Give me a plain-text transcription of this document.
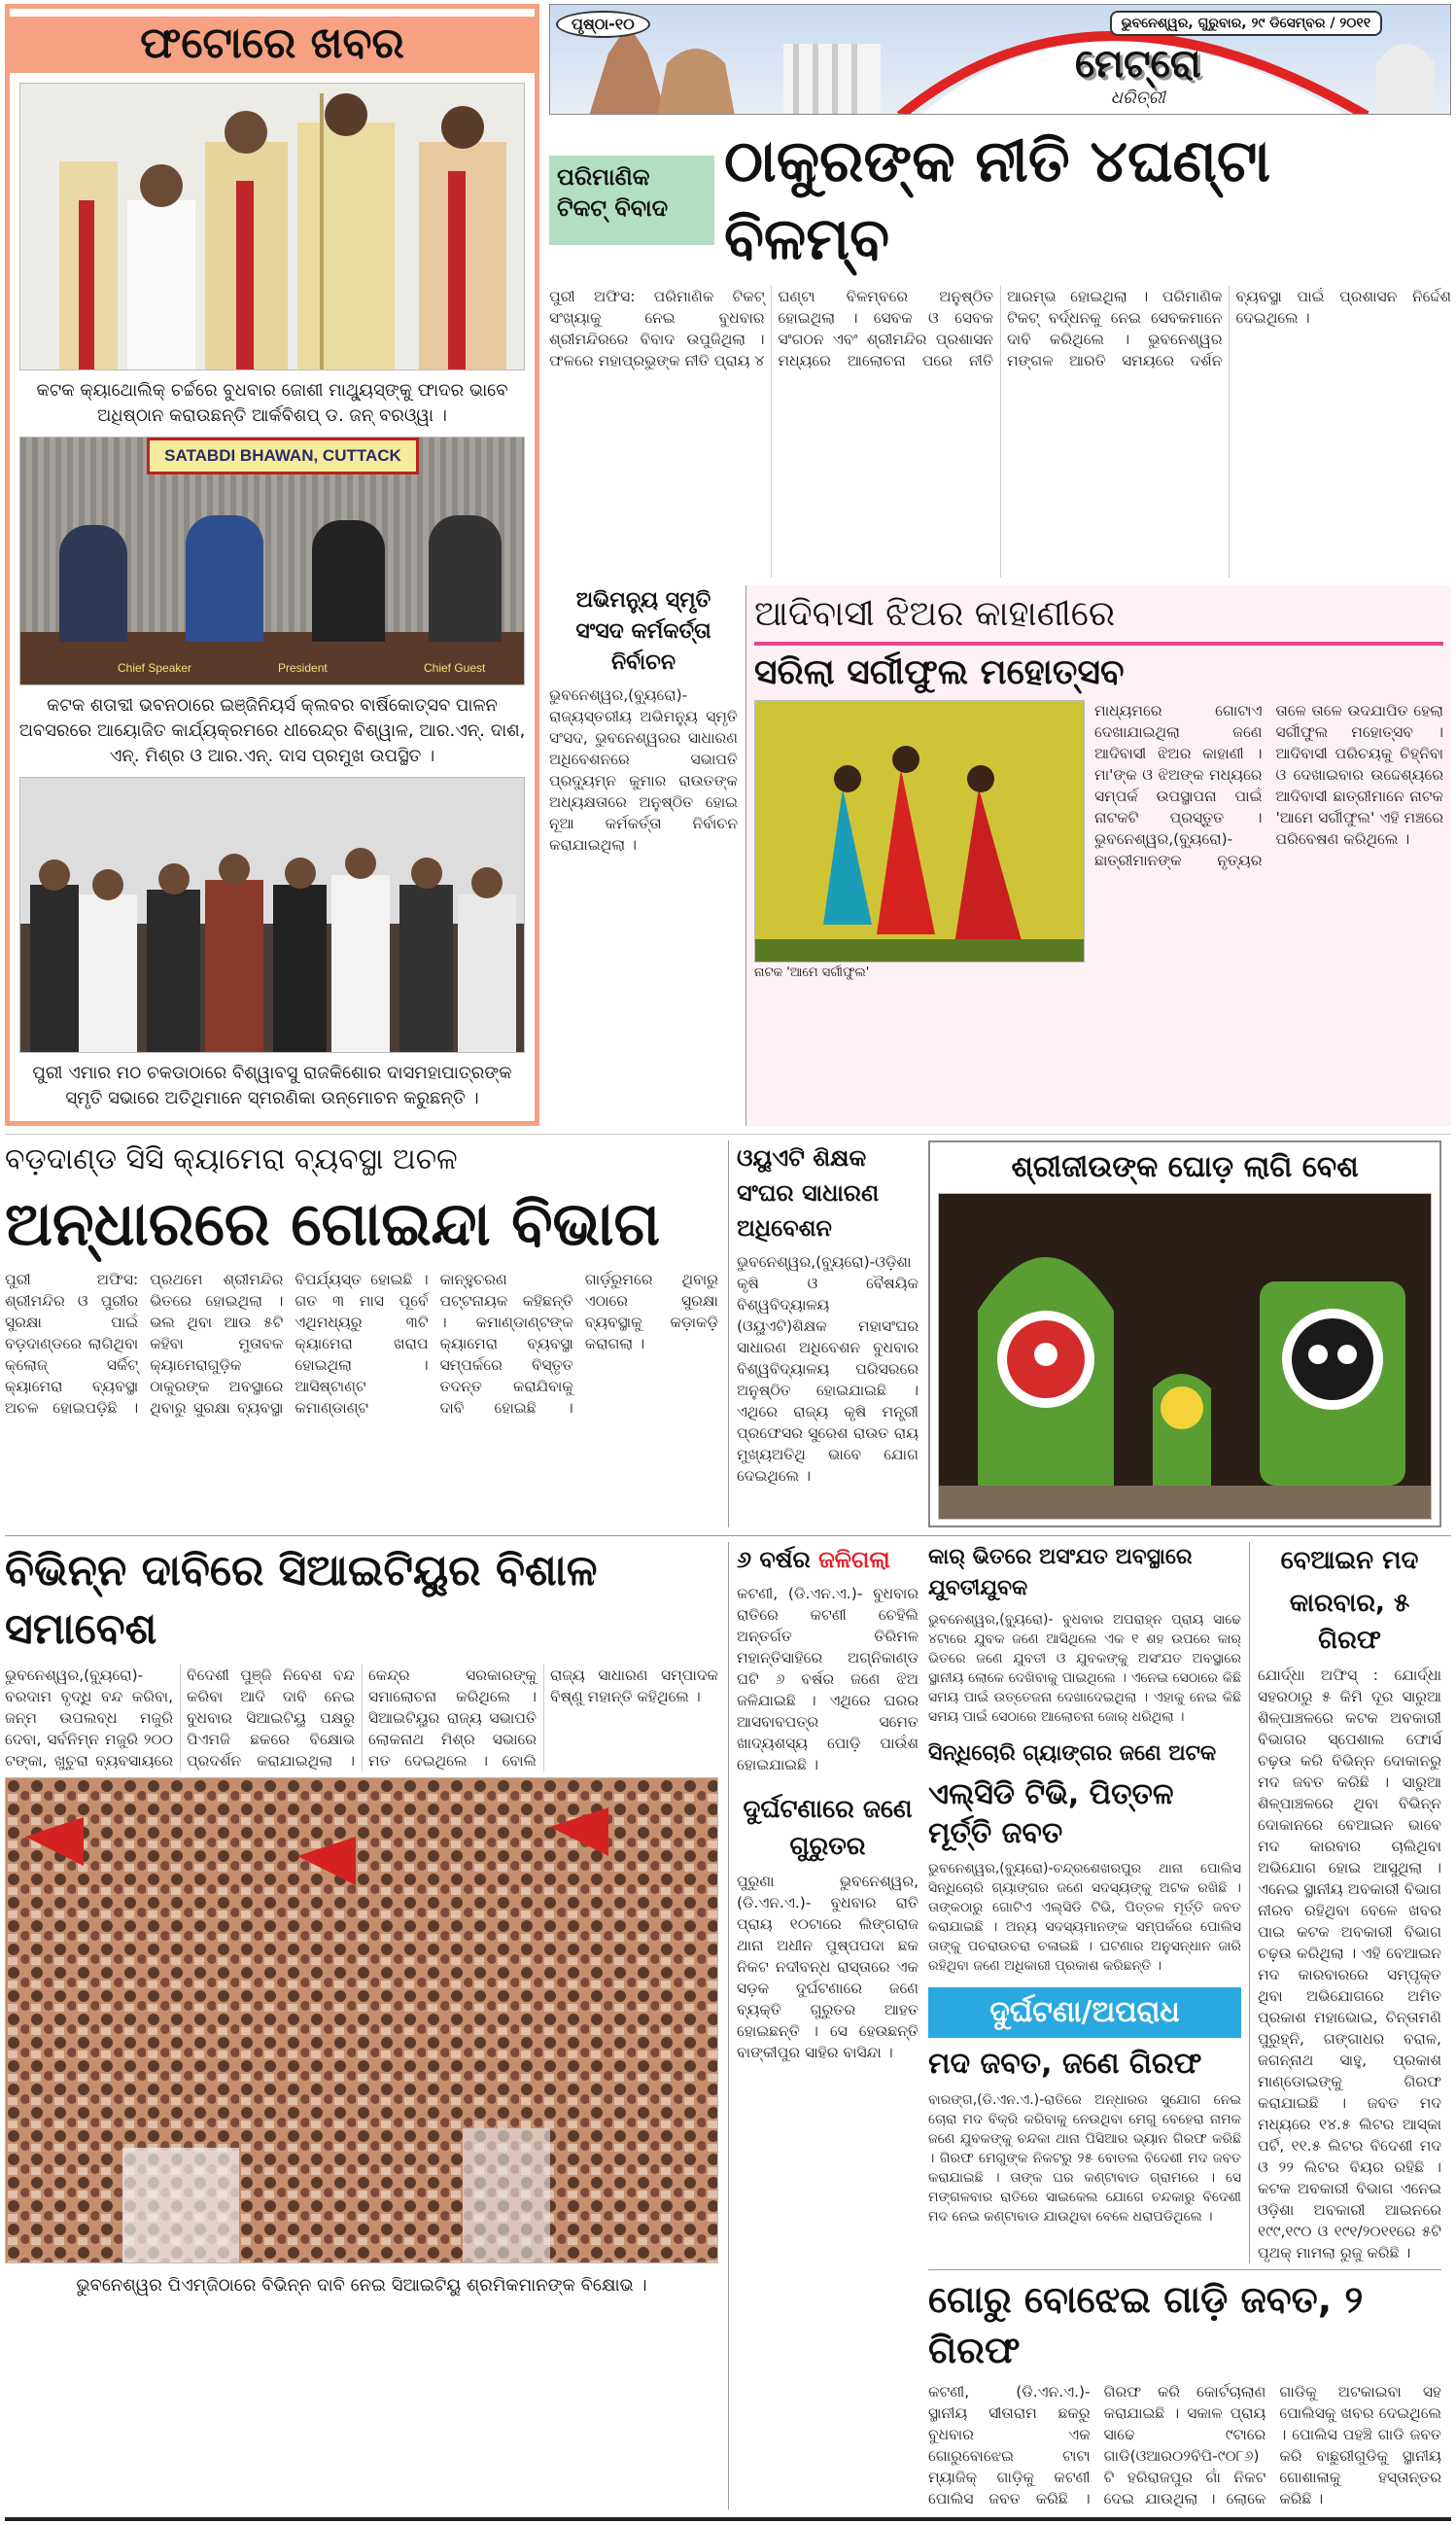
ଫଟୋରେ ଖବର
କଟକ କ୍ୟାଥୋଲିକ୍ ଚର୍ଚ୍ଚରେ ବୁଧବାର ଜୋଶୀ ମାଥ୍ୟୁସ୍‌ଙ୍କୁ ଫାଦର ଭାବେ ଅଧିଷ୍ଠାନ କରାଉଛନ୍ତି ଆର୍କବିଶପ୍ ଡ. ଜନ୍ ବରଓ୍ୱା ।
SATABDI BHAWAN, CUTTACK
Chief Speaker	President	Chief Guest
କଟକ ଶତାବ୍ଦୀ ଭବନଠାରେ ଇଞ୍ଜିନିୟର୍ସ କ୍ଲବର ବାର୍ଷିକୋତ୍ସବ ପାଳନ ଅବସରରେ ଆୟୋଜିତ କାର୍ଯ୍ୟକ୍ରମରେ ଧୀରେନ୍ଦ୍ର ବିଶ୍ୱାଳ, ଆର.ଏନ୍. ଦାଶ, ଏନ୍. ମିଶ୍ର ଓ ଆର.ଏନ୍. ଦାସ ପ୍ରମୁଖ ଉପସ୍ଥିତ ।
ପୁରୀ ଏମାର ମଠ ଚକଡାଠାରେ ବିଶ୍ୱାବସୁ ରାଜକିଶୋର ଦାସମହାପାତ୍ରଙ୍କ ସ୍ମୃତି ସଭାରେ ଅତିଥିମାନେ ସ୍ମରଣିକା ଉନ୍ମୋଚନ କରୁଛନ୍ତି ।
ପୃଷ୍ଠା-୧୦	ଭୁବନେଶ୍ୱର, ଗୁରୁବାର, ୨୯ ଡିସେମ୍ବର / ୨୦୧୧
ମେଟ୍ରୋ
ଧରିତ୍ରୀ
ପରିମାଣିକ ଟିକଟ୍ ବିବାଦ
ଠାକୁରଙ୍କ ନୀତି ୪ଘଣ୍ଟା ବିଳମ୍ବ
ପୁରୀ ଅଫିସ: ପରିମାଣିକ ଟିକଟ୍ ସଂଖ୍ୟାକୁ ନେଇ ବୁଧବାର ଶ୍ରୀମନ୍ଦିରରେ ବିବାଦ ଉପୁଜିଥିଲା । ଫଳରେ ମହାପ୍ରଭୁଙ୍କ ନୀତି ପ୍ରାୟ ୪ ଘଣ୍ଟା ବିଳମ୍ବରେ ଅନୁଷ୍ଠିତ ହୋଇଥିଲା । ସେବକ ଓ ସେବକ ସଂଗଠନ ଏବଂ ଶ୍ରୀମନ୍ଦିର ପ୍ରଶାସନ ମଧ୍ୟରେ ଆଲୋଚନା ପରେ ନୀତି ଆରମ୍ଭ ହୋଇଥିଲା । ପରିମାଣିକ ଟିକଟ୍ ବର୍ଦ୍ଧନକୁ ନେଇ ସେବକମାନେ ଦାବି କରିଥିଲେ । ଭୁବନେଶ୍ୱର ମଙ୍ଗଳ ଆରତି ସମୟରେ ଦର୍ଶନ ବ୍ୟବସ୍ଥା ପାଇଁ ପ୍ରଶାସନ ନିର୍ଦ୍ଦେଶ ଦେଇଥିଲେ ।
ଅଭିମନ୍ୟୁ ସ୍ମୃତି ସଂସଦ କର୍ମକର୍ତ୍ତା ନିର୍ବାଚନ
ଭୁବନେଶ୍ୱର,(ବ୍ୟୁରୋ)-ରାଜ୍ୟସ୍ତରୀୟ ଅଭିମନ୍ୟୁ ସ୍ମୃତି ସଂସଦ, ଭୁବନେଶ୍ୱରର ସାଧାରଣ ଅଧିବେଶନରେ ସଭାପତି ପ୍ରଦ୍ୟୁମ୍ନ କୁମାର ରାଉତଙ୍କ ଅଧ୍ୟକ୍ଷତାରେ ଅନୁଷ୍ଠିତ ହୋଇ ନୂଆ କର୍ମକର୍ତ୍ତା ନିର୍ବାଚନ କରାଯାଇଥିଲା ।
ଆଦିବାସୀ ଝିଅର କାହାଣୀରେ
ସରିଲା ସର୍ଗୀଫୁଲ ମହୋତ୍ସବ
ନାଟକ 'ଆମେ ସର୍ଗୀଫୁଲ'
ମାଧ୍ୟମରେ ଗୋଟାଏ ଦେଖାଯାଇଥିଲା ଜଣେ ଆଦିବାସୀ ଝିଅର କାହାଣୀ । ମା'ଙ୍କ ଓ ଝିଅଙ୍କ ମଧ୍ୟରେ ସମ୍ପର୍କ ଉପସ୍ଥାପନା ପାଇଁ ନାଟକଟି ପ୍ରସ୍ତୁତ । ଭୁବନେଶ୍ୱର,(ବ୍ୟୁରୋ)-ଛାତ୍ରୀମାନଙ୍କ ନୃତ୍ୟର ତାଳେ ତାଳେ ଉଦଯାପିତ ହେଲା ସର୍ଗୀଫୁଲ ମହୋତ୍ସବ । ଆଦିବାସୀ ପରିଚୟକୁ ଚିହ୍ନିବା ଓ ଦେଖାଇବାର ଉଦ୍ଦେଶ୍ୟରେ ଆଦିବାସୀ ଛାତ୍ରୀମାନେ ନାଟକ 'ଆମେ ସର୍ଗୀଫୁଲ' ଏହି ମଞ୍ଚରେ ପରିବେଷଣ କରିଥିଲେ ।
ବଡ଼ଦାଣ୍ଡ ସିସି କ୍ୟାମେରା ବ୍ୟବସ୍ଥା ଅଚଳ
ଅନ୍ଧାରରେ ଗୋଇନ୍ଦା ବିଭାଗ
ପୁରୀ ଅଫିସ: ଶ୍ରୀମନ୍ଦିର ଓ ପୁରୀର ସୁରକ୍ଷା ପାଇଁ ବଡ଼ଦାଣ୍ଡରେ ଲାଗିଥିବା କ୍ଲୋଜ୍ ସର୍କିଟ୍ କ୍ୟାମେରା ବ୍ୟବସ୍ଥା ଅଚଳ ହୋଇପଡ଼ିଛି । ପ୍ରଥମେ ଶ୍ରୀମନ୍ଦିର ଭିତରେ ହୋଇଥିଲା । ଭଲ ଥିବା ଆଉ ୫ଟି କହିବା ମୁତାବକ କ୍ୟାମେରାଗୁଡ଼ିକ ଠାକୁରଙ୍କ ଅବସ୍ଥାରେ ଥିବାରୁ ସୁରକ୍ଷା ବ୍ୟବସ୍ଥା ବିପର୍ଯ୍ୟସ୍ତ ହୋଇଛି । ଗତ ୩ ମାସ ପୂର୍ବେ ଏଥିମଧ୍ୟରୁ ୩ଟି କ୍ୟାମେରା ଖରାପ ହୋଇଥିଲା । ଆସିଷ୍ଟାଣ୍ଟ କମାଣ୍ଡାଣ୍ଟ କାନ୍ହୁଚରଣ ପଟ୍ଟନାୟକ କହିଛନ୍ତି । କମାଣ୍ଡାଣ୍ଟଙ୍କ କ୍ୟାମେରା ବ୍ୟବସ୍ଥା ସମ୍ପର୍କରେ ବିସ୍ତୃତ ତଦନ୍ତ କରାଯିବାକୁ ଦାବି ହୋଇଛି । ଗାର୍ଡ଼ରୁମରେ ଥିବାରୁ ଏଠାରେ ସୁରକ୍ଷା ବ୍ୟବସ୍ଥାକୁ କଡ଼ାକଡ଼ି କରାଗଲା ।
ଓୟୁଏଟି ଶିକ୍ଷକ ସଂଘର ସାଧାରଣ ଅଧିବେଶନ
ଭୁବନେଶ୍ୱର,(ବ୍ୟୁରୋ)-ଓଡ଼ିଶା କୃଷି ଓ ବୈଷୟିକ ବିଶ୍ୱବିଦ୍ୟାଳୟ (ଓୟୁଏଟି)ଶିକ୍ଷକ ମହାସଂଘର ସାଧାରଣ ଅଧିବେଶନ ବୁଧବାର ବିଶ୍ୱବିଦ୍ୟାଳୟ ପରିସରରେ ଅନୁଷ୍ଠିତ ହୋଇଯାଇଛି । ଏଥିରେ ରାଜ୍ୟ କୃଷି ମନ୍ତ୍ରୀ ପ୍ରଫେସର ସୁରେଶ ରାଉତ ରାୟ ମୁଖ୍ୟଅତିଥି ଭାବେ ଯୋଗ ଦେଇଥିଲେ ।
ଶ୍ରୀଜୀଉଙ୍କ ଘୋଡ଼ ଲାଗି ବେଶ
ବିଭିନ୍ନ ଦାବିରେ ସିଆଇଟିୟୁର ବିଶାଳ ସମାବେଶ
ଭୁବନେଶ୍ୱର,(ବ୍ୟୁରୋ)- ବରଦାମ ବୃଦ୍ଧି ବନ୍ଦ କରିବା, ଜନ୍ମ ଉପଲବ୍ଧ ମଜୁରି ଦେବା, ସର୍ବନିମ୍ନ ମଜୁରି ୨୦୦ ଟଙ୍କା, ଖୁଚୁରା ବ୍ୟବସାୟରେ ବିଦେଶୀ ପୁଞ୍ଜି ନିବେଶ ବନ୍ଦ କରିବା ଆଦି ଦାବି ନେଇ ବୁଧବାର ସିଆଇଟିୟୁ ପକ୍ଷରୁ ପିଏମଜି ଛକରେ ବିକ୍ଷୋଭ ପ୍ରଦର୍ଶନ କରାଯାଇଥିଲା । କେନ୍ଦ୍ର ସରକାରଙ୍କୁ ସମାଲୋଚନା କରିଥିଲେ । ସିଆଇଟିୟୁର ରାଜ୍ୟ ସଭାପତି ଲୋକନାଥ ମିଶ୍ର ସଭାରେ ମତ ଦେଇଥିଲେ । ବୋଲି ରାଜ୍ୟ ସାଧାରଣ ସମ୍ପାଦକ ବିଷ୍ଣୁ ମହାନ୍ତି କହିଥିଲେ ।
ଭୁବନେଶ୍ୱର ପିଏମ୍‌ଜିଠାରେ ବିଭିନ୍ନ ଦାବି ନେଇ ସିଆଇଟିୟୁ ଶ୍ରମିକମାନଙ୍କ ବିକ୍ଷୋଭ ।
୬ ବର୍ଷର ଜଳିଗଲା
କଟଣୀ, (ଡି.ଏନ.ଏ.)- ବୁଧବାର ରାତିରେ କଟଣୀ ଚେହିଲି ଅନ୍ତର୍ଗତ ତିରିମଳ ମହାନ୍ତିସାହିରେ ଅଗ୍ନିକାଣ୍ଡ ଘଟି ୬ ବର୍ଷର ଜଣେ ଝିଅ ଜଳିଯାଇଛି । ଏଥିରେ ଘରର ଆସବାବପତ୍ର ସମେତ ଖାଦ୍ୟଶସ୍ୟ ପୋଡ଼ି ପାଉଁଶ ହୋଇଯାଇଛି ।
ଦୁର୍ଘଟଣାରେ ଜଣେ ଗୁରୁତର
ପୁରୁଣା ଭୁବନେଶ୍ୱର, (ଡି.ଏନ.ଏ.)- ବୁଧବାର ରାତି ପ୍ରାୟ ୧୦ଟାରେ ଲିଙ୍ଗରାଜ ଥାନା ଅଧୀନ ପୁଷ୍ପପଦା ଛକ ନିକଟ ନଦୀବନ୍ଧ ରାସ୍ତାରେ ଏକ ସଡ଼କ ଦୁର୍ଘଟଣାରେ ଜଣେ ବ୍ୟକ୍ତି ଗୁରୁତର ଆହତ ହୋଇଛନ୍ତି । ସେ ହେଉଛନ୍ତି ବାଙ୍କୀପୁର ସାହିର ବାସିନ୍ଦା ।
କାର୍ ଭିତରେ ଅସଂଯତ ଅବସ୍ଥାରେ ଯୁବତୀଯୁବକ
ଭୁବନେଶ୍ୱର,(ବ୍ୟୁରୋ)- ବୁଧବାର ଅପରାହ୍ନ ପ୍ରାୟ ସାଢେ ୪ଟାରେ ଯୁବକ ଜଣେ ଆସିଥିଲେ ଏକ ୧ ଶହ ଉପରେ କାର୍ ଭିତରେ ଜଣେ ଯୁବତୀ ଓ ଯୁବକଙ୍କୁ ଅସଂଯତ ଅବସ୍ଥାରେ ସ୍ଥାନୀୟ ଲୋକେ ଦେଖିବାକୁ ପାଇଥିଲେ । ଏନେଇ ସେଠାରେ କିଛି ସମୟ ପାଇଁ ଉତ୍ତେଜନା ଦେଖାଦେଇଥିଲା । ଏହାକୁ ନେଇ କିଛି ସମୟ ପାଇଁ ସେଠାରେ ଆଲୋଚନା ଜୋର୍ ଧରିଥିଲା ।
ସିନ୍ଧିଚୋରି ଗ୍ୟାଙ୍ଗର ଜଣେ ଅଟକ
ଏଲ୍‌ସିଡି ଟିଭି, ପିତ୍ତଳ ମୂର୍ତ୍ତି ଜବତ
ଭୁବନେଶ୍ୱର,(ବ୍ୟୁରୋ)-ଚନ୍ଦ୍ରଶେଖରପୁର ଥାନା ପୋଲିସ ସିନ୍ଧିଚୋରି ଗ୍ୟାଙ୍ଗର ଜଣେ ସଦସ୍ୟଙ୍କୁ ଅଟକ ରଖିଛି । ତାଙ୍କଠାରୁ ଗୋଟିଏ ଏଲ୍‌ସିଡି ଟିଭି, ପିତ୍ତଳ ମୂର୍ତ୍ତି ଜବତ କରାଯାଇଛି । ଅନ୍ୟ ସଦସ୍ୟମାନଙ୍କ ସମ୍ପର୍କରେ ପୋଲିସ ତାଙ୍କୁ ପଚରାଉଚରା ଚଳାଇଛି । ଘଟଣାର ଅନୁସନ୍ଧାନ ଜାରି ରହିଥିବା ଜଣେ ଅଧିକାରୀ ପ୍ରକାଶ କରିଛନ୍ତି ।
ଦୁର୍ଘଟଣା/ଅପରାଧ
ମଦ ଜବତ, ଜଣେ ଗିରଫ
ବାରଙ୍ଗ,(ଡି.ଏନ.ଏ.)-ରାତିରେ ଅନ୍ଧାରର ସୁଯୋଗ ନେଇ ଚୋରା ମଦ ବିକ୍ରି କରିବାକୁ ନେଉଥିବା ମେଗୁ ବେହେରା ନାମକ ଜଣେ ଯୁବକଙ୍କୁ ଚନ୍ଦକା ଥାନା ପିସିଆର ଭ୍ୟାନ ଗିରଫ କରିଛି । ଗିରଫ ମେଗୁଙ୍କ ନିକଟରୁ ୨୫ ବୋତଲ ବିଦେଶୀ ମଦ ଜବତ କରାଯାଇଛି । ତାଙ୍କ ଘର କଣ୍ଟାବାଡ ଗ୍ରାମରେ । ସେ ମଙ୍ଗଳବାର ରାତିରେ ସାଇକେଲ ଯୋଗେ ଚନ୍ଦକାରୁ ବିଦେଶୀ ମଦ ନେଇ କଣ୍ଟାବାଡ ଯାଉଥିବା ବେଳେ ଧରାପଡିଥିଲେ ।
ବେଆଇନ ମଦ
କାରବାର, ୫ ଗିରଫ
ଯୋର୍ଦ୍ଧା ଅଫିସ୍ : ଯୋର୍ଦ୍ଧା ସହରଠାରୁ ୫ କିମି ଦୂର ସାରୁଆ ଶିଳ୍ପାଞ୍ଚଳରେ କଟକ ଅବକାରୀ ବିଭାଗର ସ୍ପେଶାଲ ଫୋର୍ସ ଚଢ଼ଉ କରି ବିଭିନ୍ନ ଦୋକାନରୁ ମଦ ଜବତ କରିଛି । ସାରୁଆ ଶିଳ୍ପାଞ୍ଚଳରେ ଥିବା ବିଭିନ୍ନ ଦୋକାନରେ ବେଆଇନ ଭାବେ ମଦ କାରବାର ଚାଲିଥିବା ଅଭିଯୋଗ ହୋଇ ଆସୁଥିଲା । ଏନେଇ ସ୍ଥାନୀୟ ଅବକାରୀ ବିଭାଗ ନୀରବ ରହିଥିବା ବେଳେ ଖବର ପାଇ କଟକ ଅବକାରୀ ବିଭାଗ ଚଢ଼ଉ କରିଥିଲା । ଏହି ବେଆଇନ ମଦ କାରବାରରେ ସମ୍ପୃକ୍ତ ଥିବା ଅଭିଯୋଗରେ ଅମିତ ପ୍ରକାଶ ମହାଭୋଇ, ଚିନ୍ତାମଣି ପୁରୁହ୍ନି, ଗଙ୍ଗାଧର ବରାଳ, ଜଗନ୍ନାଥ ସାହୁ, ପ୍ରକାଶ ମାଣ୍ଡୋଇଙ୍କୁ ଗିରଫ କରାଯାଇଛି । ଜବତ ମଦ ମଧ୍ୟରେ ୧୪.୫ ଲିଟର ଆସ୍କା ପର୍ଟି, ୧୧.୫ ଲିଟର ବିଦେଶୀ ମଦ ଓ ୨୨ ଲିଟର ବିୟର ରହିଛି । କଟକ ଅବକାରୀ ବିଭାଗ ଏନେଇ ଓଡ଼ିଶା ଅବକାରୀ ଆଇନରେ ୧୯୯,୧୯୦ ଓ ୧୯୧/୨୦୧୧ରେ ୫ଟି ପୃଥକ୍ ମାମଲା ରୁଜୁ କରିଛି ।
ଗୋରୁ ବୋଝେଇ ଗାଡ଼ି ଜବତ, ୨ ଗିରଫ
କଟଣୀ, (ଡି.ଏନ.ଏ.)- ସ୍ଥାନୀୟ ସୀତାରାମ ଛକରୁ ବୁଧବାର ଏକ ଗୋରୁବୋଝେଇ ଟାଟା ମ୍ୟାଜିକ୍ ଗାଡ଼ିକୁ କଟଣୀ ପୋଲିସ ଜବତ କରିଛି । ଗିରଫ କରି କୋର୍ଟଚାଲାଣ କରାଯାଇଛି । ସକାଳ ପ୍ରାୟ ସାଢେ ୯ଟାରେ ଗାଡି(ଓଆର୦୨ବିପି-୯୦୮୬)ଟି ହରିରାଜପୁର ଗାଁ ନିକଟ ଦେଇ ଯାଉଥିଲା । ଲୋକେ ଗାଡିକୁ ଅଟକାଇବା ସହ ପୋଲିସକୁ ଖବର ଦେଇଥିଲେ । ପୋଲିସ ପହଞ୍ଚି ଗାଡି ଜବତ କରି ବାଛୁରୀଗୁଡିକୁ ସ୍ଥାନୀୟ ଗୋଶାଳାକୁ ହସ୍ତାନ୍ତର କରିଛି ।
